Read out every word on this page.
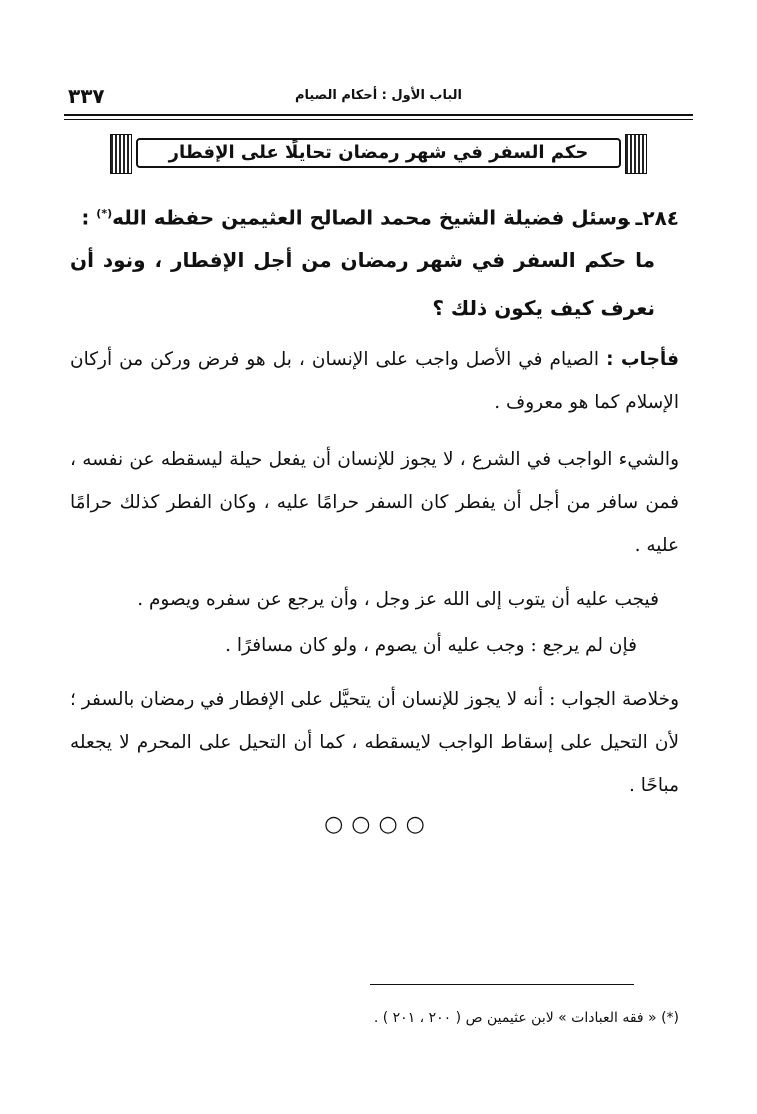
٣٣٧	الباب الأول : أحكام الصيام
حكم السفر في شهر رمضان تحايلًا على الإفطار
٢٨٤ـوسئل فضيلة الشيخ محمد الصالح العثيمين حفظه الله(*) :
ما حكم السفر في شهر رمضان من أجل الإفطار ، ونود أن نعرف كيف يكون ذلك ؟
فأجاب : الصيام في الأصل واجب على الإنسان ، بل هو فرض وركن من أركان الإسلام كما هو معروف .
والشيء الواجب في الشرع ، لا يجوز للإنسان أن يفعل حيلة ليسقطه عن نفسه ، فمن سافر من أجل أن يفطر كان السفر حرامًا عليه ، وكان الفطر كذلك حرامًا عليه .
فيجب عليه أن يتوب إلى الله عز وجل ، وأن يرجع عن سفره ويصوم .
فإن لم يرجع : وجب عليه أن يصوم ، ولو كان مسافرًا .
وخلاصة الجواب : أنه لا يجوز للإنسان أن يتحيَّل على الإفطار في رمضان بالسفر ؛ لأن التحيل على إسقاط الواجب لايسقطه ، كما أن التحيل على المحرم لا يجعله مباحًا .
○○○○
(*) « فقه العبادات » لابن عثيمين ص ( ٢٠٠ ، ٢٠١ ) .
